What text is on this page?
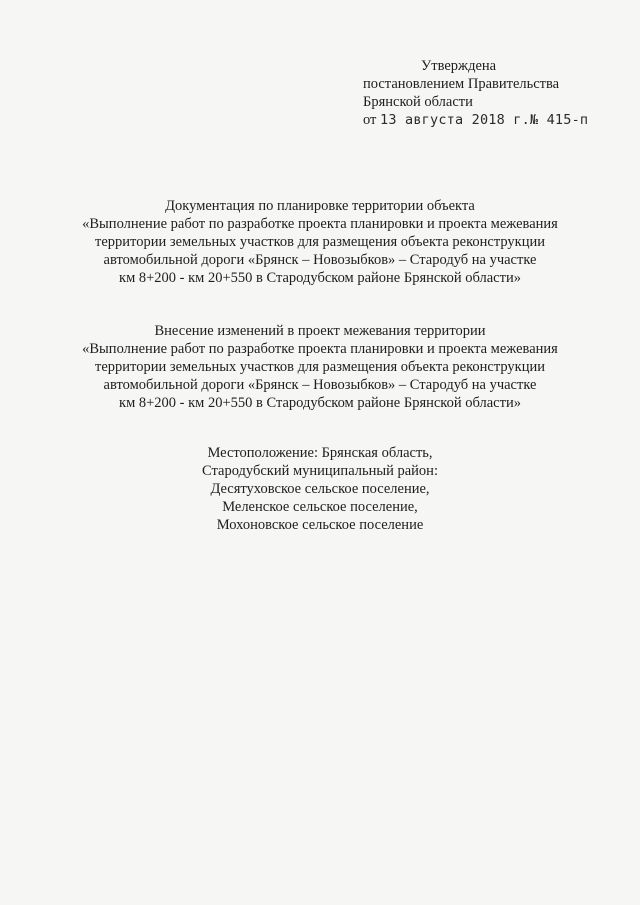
Утверждена
постановлением Правительства
Брянской области
от 13 августа 2018 г.№ 415-п
Документация по планировке территории объекта
«Выполнение работ по разработке проекта планировки и проекта межевания
территории земельных участков для размещения объекта реконструкции
автомобильной дороги «Брянск – Новозыбков» – Стародуб на участке
км 8+200 - км 20+550 в Стародубском районе Брянской области»
Внесение изменений в проект межевания территории
«Выполнение работ по разработке проекта планировки и проекта межевания
территории земельных участков для размещения объекта реконструкции
автомобильной дороги «Брянск – Новозыбков» – Стародуб на участке
км 8+200 - км 20+550 в Стародубском районе Брянской области»
Местоположение: Брянская область,
Стародубский муниципальный район:
Десятуховское сельское поселение,
Меленское сельское поселение,
Мохоновское сельское поселение
